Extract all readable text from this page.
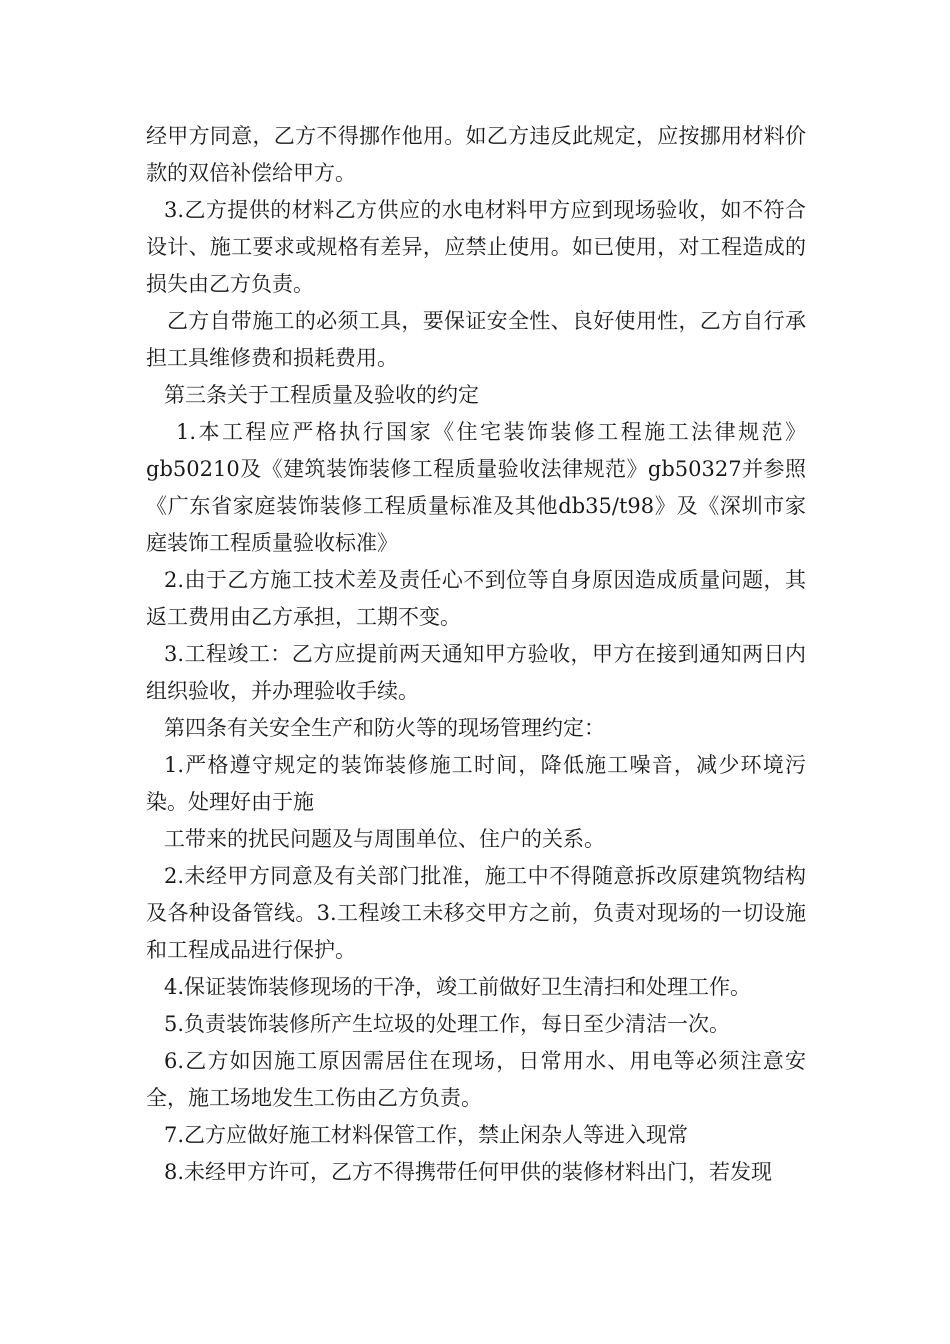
经甲方同意，乙方不得挪作他用。如乙方违反此规定，应按挪用材料价款的双倍补偿给甲方。

3.乙方提供的材料乙方供应的水电材料甲方应到现场验收，如不符合设计、施工要求或规格有差异，应禁止使用。如已使用，对工程造成的损失由乙方负责。

乙方自带施工的必须工具，要保证安全性、良好使用性，乙方自行承担工具维修费和损耗费用。

第三条关于工程质量及验收的约定

1.本工程应严格执行国家《住宅装饰装修工程施工法律规范》gb50210及《建筑装饰装修工程质量验收法律规范》gb50327并参照《广东省家庭装饰装修工程质量标准及其他db35/t98》及《深圳市家庭装饰工程质量验收标准》

2.由于乙方施工技术差及责任心不到位等自身原因造成质量问题，其返工费用由乙方承担，工期不变。

3.工程竣工：乙方应提前两天通知甲方验收，甲方在接到通知两日内组织验收，并办理验收手续。

第四条有关安全生产和防火等的现场管理约定：

1.严格遵守规定的装饰装修施工时间，降低施工噪音，减少环境污染。处理好由于施

工带来的扰民问题及与周围单位、住户的关系。

2.未经甲方同意及有关部门批准，施工中不得随意拆改原建筑物结构及各种设备管线。3.工程竣工未移交甲方之前，负责对现场的一切设施和工程成品进行保护。

4.保证装饰装修现场的干净，竣工前做好卫生清扫和处理工作。

5.负责装饰装修所产生垃圾的处理工作，每日至少清洁一次。

6.乙方如因施工原因需居住在现场，日常用水、用电等必须注意安全，施工场地发生工伤由乙方负责。

7.乙方应做好施工材料保管工作，禁止闲杂人等进入现常

8.未经甲方许可，乙方不得携带任何甲供的装修材料出门，若发现
